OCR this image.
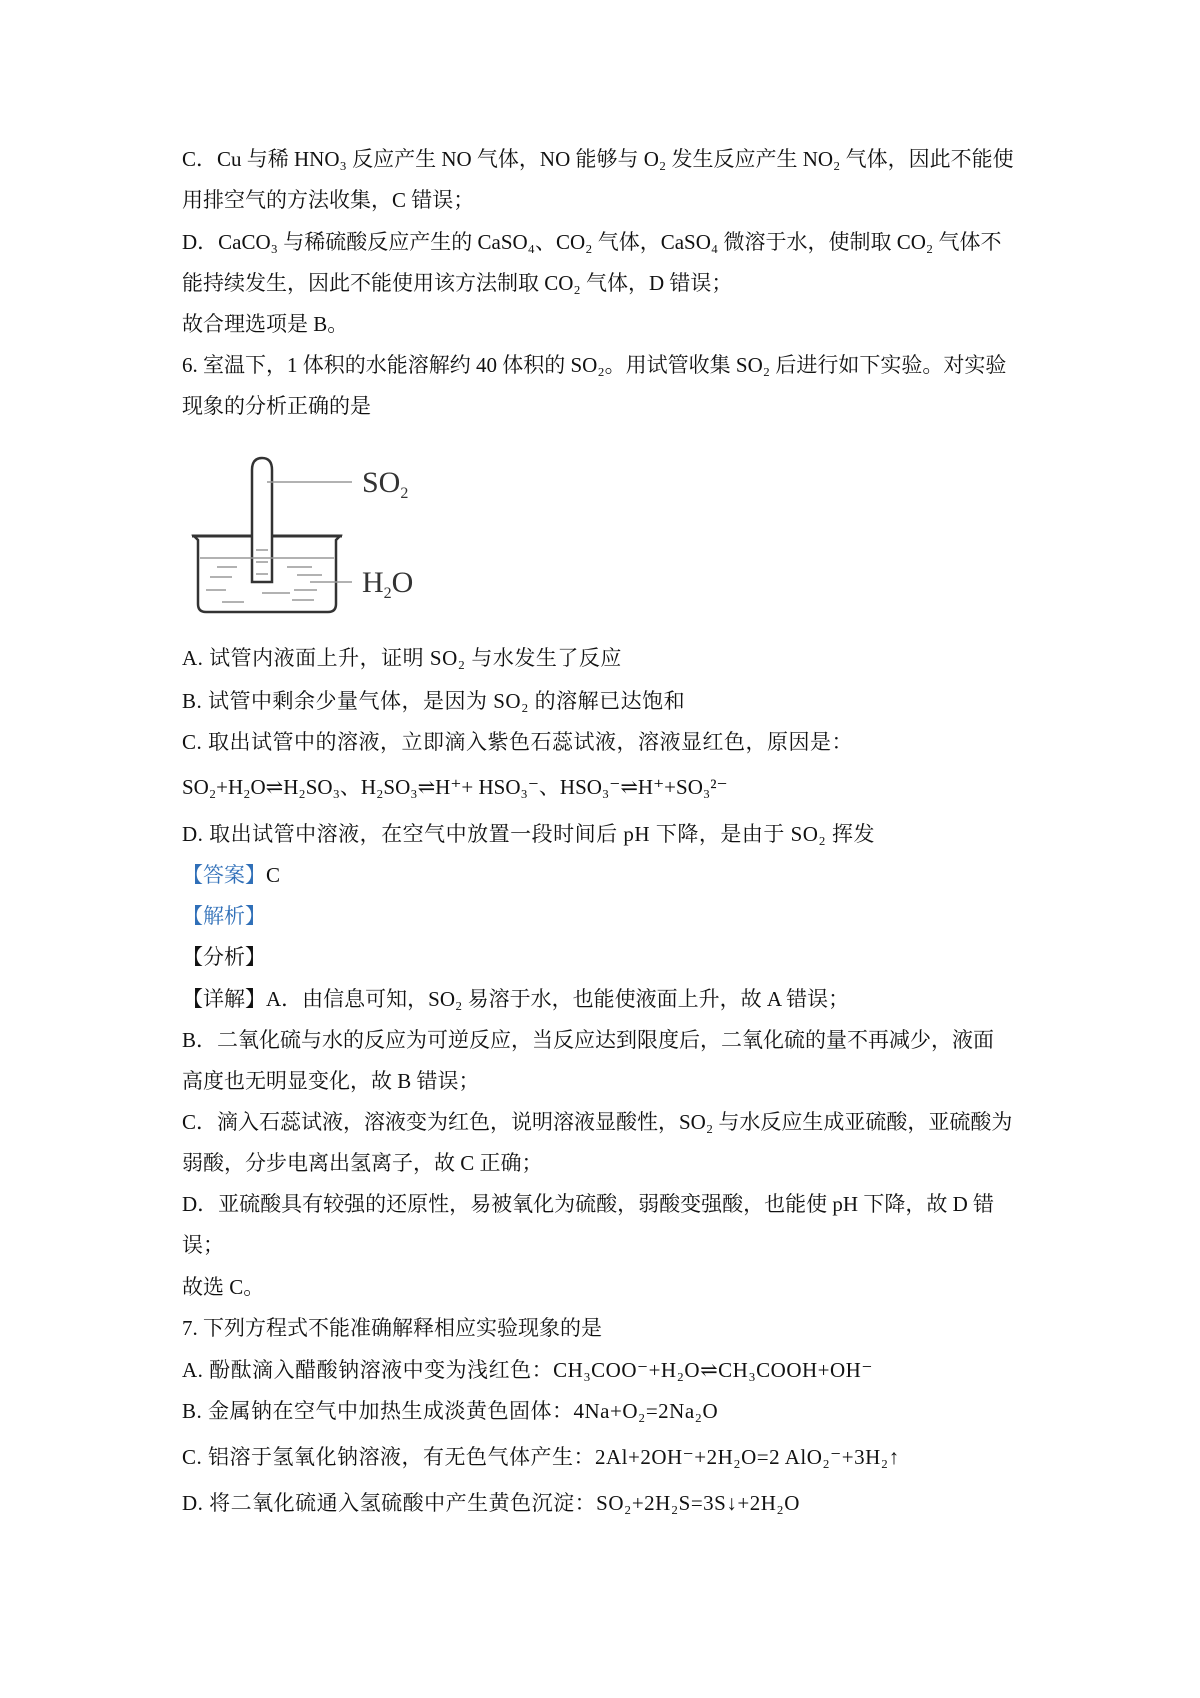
C．Cu 与稀 HNO₃ 反应产生 NO 气体，NO 能够与 O₂ 发生反应产生 NO₂ 气体，因此不能使
用排空气的方法收集，C 错误；
D．CaCO₃ 与稀硫酸反应产生的 CaSO₄、CO₂ 气体，CaSO₄ 微溶于水，使制取 CO₂ 气体不
能持续发生，因此不能使用该方法制取 CO₂ 气体，D 错误；
故合理选项是 B。
6. 室温下，1 体积的水能溶解约 40 体积的 SO₂。用试管收集 SO₂ 后进行如下实验。对实验
现象的分析正确的是
$SO_2$
$H_2O$
A. 试管内液面上升，证明 SO₂ 与水发生了反应
B. 试管中剩余少量气体，是因为 SO₂ 的溶解已达饱和
C. 取出试管中的溶液，立即滴入紫色石蕊试液，溶液显红色，原因是：
SO₂+H₂O⇌H₂SO₃、H₂SO₃⇌H⁺+ HSO₃⁻、HSO₃⁻⇌H⁺+SO₃²⁻
D. 取出试管中溶液，在空气中放置一段时间后 pH 下降，是由于 SO₂ 挥发
【答案】C
【解析】
【分析】
【详解】A．由信息可知，SO₂ 易溶于水，也能使液面上升，故 A 错误；
B．二氧化硫与水的反应为可逆反应，当反应达到限度后，二氧化硫的量不再减少，液面
高度也无明显变化，故 B 错误；
C．滴入石蕊试液，溶液变为红色，说明溶液显酸性，SO₂ 与水反应生成亚硫酸，亚硫酸为
弱酸，分步电离出氢离子，故 C 正确；
D．亚硫酸具有较强的还原性，易被氧化为硫酸，弱酸变强酸，也能使 pH 下降，故 D 错
误；
故选 C。
7. 下列方程式不能准确解释相应实验现象的是
A. 酚酞滴入醋酸钠溶液中变为浅红色：CH₃COO⁻+H₂O⇌CH₃COOH+OH⁻
B. 金属钠在空气中加热生成淡黄色固体：4Na+O₂=2Na₂O
C. 铝溶于氢氧化钠溶液，有无色气体产生：2Al+2OH⁻+2H₂O=2 AlO₂⁻+3H₂↑
D. 将二氧化硫通入氢硫酸中产生黄色沉淀：SO₂+2H₂S=3S↓+2H₂O
